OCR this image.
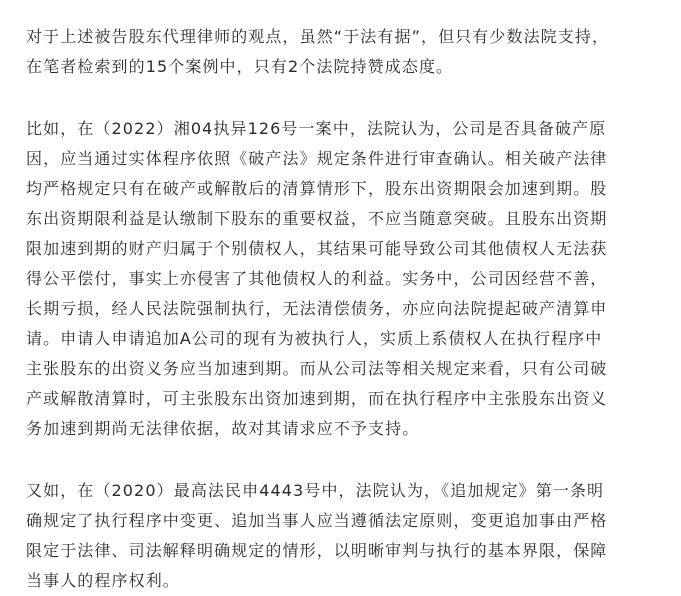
对于上述被告股东代理律师的观点，虽然“于法有据”，但只有少数法院支持，
在笔者检索到的15个案例中，只有2个法院持赞成态度。

比如，在（2022）湘04执异126号一案中，法院认为，公司是否具备破产原
因，应当通过实体程序依照《破产法》规定条件进行审查确认。相关破产法律
均严格规定只有在破产或解散后的清算情形下，股东出资期限会加速到期。股
东出资期限利益是认缴制下股东的重要权益，不应当随意突破。且股东出资期
限加速到期的财产归属于个别债权人，其结果可能导致公司其他债权人无法获
得公平偿付，事实上亦侵害了其他债权人的利益。实务中，公司因经营不善，
长期亏损，经人民法院强制执行，无法清偿债务，亦应向法院提起破产清算申
请。申请人申请追加A公司的现有为被执行人，实质上系债权人在执行程序中
主张股东的出资义务应当加速到期。而从公司法等相关规定来看，只有公司破
产或解散清算时，可主张股东出资加速到期，而在执行程序中主张股东出资义
务加速到期尚无法律依据，故对其请求应不予支持。

又如，在（2020）最高法民申4443号中，法院认为，《追加规定》第一条明
确规定了执行程序中变更、追加当事人应当遵循法定原则，变更追加事由严格
限定于法律、司法解释明确规定的情形，以明晰审判与执行的基本界限，保障
当事人的程序权利。
